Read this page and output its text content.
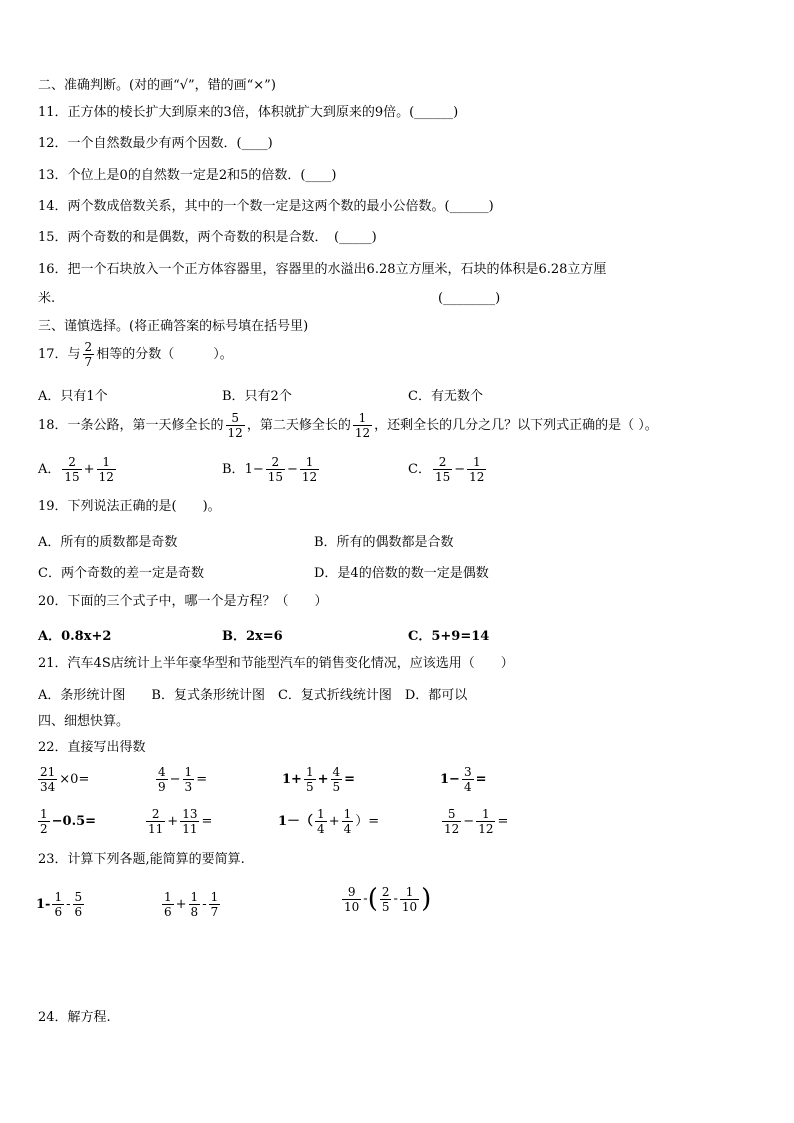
二、准确判断。(对的画“√”，错的画“×”)
11．正方体的棱长扩大到原来的3倍，体积就扩大到原来的9倍。(______)
12．一个自然数最少有两个因数．(____)
13．个位上是0的自然数一定是2和5的倍数．(____)
14．两个数成倍数关系，其中的一个数一定是这两个数的最小公倍数。(______)
15．两个奇数的和是偶数，两个奇数的积是合数．　(_____)
16．把一个石块放入一个正方体容器里，容器里的水溢出6.28立方厘米，石块的体积是6.28立方厘
米.	(________)
三、谨慎选择。(将正确答案的标号填在括号里)
17．与 $\frac{2}{7}$ 相等的分数（　　　）。
A．只有1个	B．只有2个	C．有无数个
18．一条公路，第一天修全长的 $\frac{5}{12}$ ，第二天修全长的 $\frac{1}{12}$ ，还剩全长的几分之几？以下列式正确的是（ ）。
A． $\frac{2}{15} + \frac{1}{12}$	B．$1- \frac{2}{15} - \frac{1}{12}$	C． $\frac{2}{15} - \frac{1}{12}$
19．下列说法正确的是(　　)。
A．所有的质数都是奇数	B．所有的偶数都是合数
C．两个奇数的差一定是奇数	D．是4的倍数的数一定是偶数
20．下面的三个式子中，哪一个是方程？（　　）
A．0.8x+2	B．2x=6	C．5+9=14
21．汽车4S店统计上半年豪华型和节能型汽车的销售变化情况，应该选用（　　）
A．条形统计图　　B．复式条形统计图　C．复式折线统计图　D．都可以
四、细想快算。
22．直接写出得数
$\frac{21}{34} \times 0=$	$\frac{4}{9} - \frac{1}{3}$ =	$1+ \frac{1}{5} + \frac{4}{5}$ =	$1- \frac{3}{4}$ =
$\frac{1}{2} -0.5=$	$\frac{2}{11} + \frac{13}{11}$ =	$1-( \frac{1}{4} + \frac{1}{4}$ ）=	$\frac{5}{12} - \frac{1}{12}$ =
23．计算下列各题,能简算的要简算.
$1- \frac{1}{6} - \frac{5}{6}$	$\frac{1}{6} + \frac{1}{8} - \frac{1}{7}$	$\frac{9}{10}$ -( $\frac{2}{5} - \frac{1}{10}$ )
24．解方程.
